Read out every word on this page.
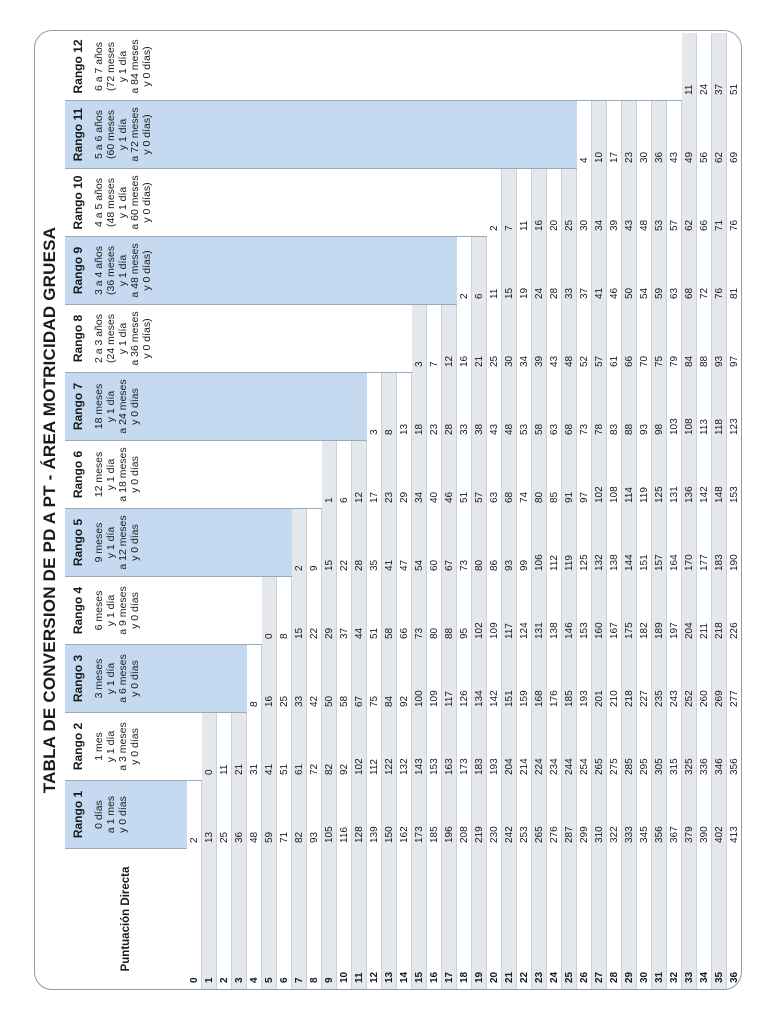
TABLA DE CONVERSION DE PD A PT - ÁREA MOTRICIDAD GRUESA
Puntuación Directa
0 1 2 3 4 5 6 7 8 9 10 11 12 13 14 15 16 17 18 19 20 21 22 23 24 25 26 27 28 29 30 31 32 33 34 35 36
Rango 1 0 días a 1 mes y 0 días
2 13 25 36 48 59 71 82 93 105 116 128 139 150 162 173 185 196 208 219 230 242 253 265 276 287 299 310 322 333 345 356 367 379 390 402 413
Rango 2 1 mes y 1 día a 3 meses y 0 días
0 11 21 31 41 51 61 72 82 92 102 112 122 132 143 153 163 173 183 193 204 214 224 234 244 254 265 275 285 295 305 315 325 336 346 356
Rango 3 3 meses y 1 día a 6 meses y 0 días
8 16 25 33 42 50 58 67 75 84 92 100 109 117 126 134 142 151 159 168 176 185 193 201 210 218 227 235 243 252 260 269 277
Rango 4 6 meses y 1 día a 9 meses y 0 días
0 8 15 22 29 37 44 51 58 66 73 80 88 95 102 109 117 124 131 138 146 153 160 167 175 182 189 197 204 211 218 226
Rango 5 9 meses y 1 día a 12 meses y 0 días
2 9 15 22 28 35 41 47 54 60 67 73 80 86 93 99 106 112 119 125 132 138 144 151 157 164 170 177 183 190
Rango 6 12 meses y 1 día a 18 meses y 0 días
1 6 12 17 23 29 34 40 46 51 57 63 68 74 80 85 91 97 102 108 114 119 125 131 136 142 148 153
Rango 7 18 meses y 1 día a 24 meses y 0 días
3 8 13 18 23 28 33 38 43 48 53 58 63 68 73 78 83 88 93 98 103 108 113 118 123
Rango 8 2 a 3 años (24 meses y 1 día a 36 meses y 0 días)
3 7 12 16 21 25 30 34 39 43 48 52 57 61 66 70 75 79 84 88 93 97
Rango 9 3 a 4 años (36 meses y 1 día a 48 meses y 0 días)
2 6 11 15 19 24 28 33 37 41 46 50 54 59 63 68 72 76 81
Rango 10 4 a 5 años (48 meses y 1 día a 60 meses y 0 días)
2 7 11 16 20 25 30 34 39 43 48 53 57 62 66 71 76
Rango 11 5 a 6 años (60 meses y 1 día a 72 meses y 0 días)
4 10 17 23 30 36 43 49 56 62 69
Rango 12 6 a 7 años (72 meses y 1 día a 84 meses y 0 días)
11 24 37 51
